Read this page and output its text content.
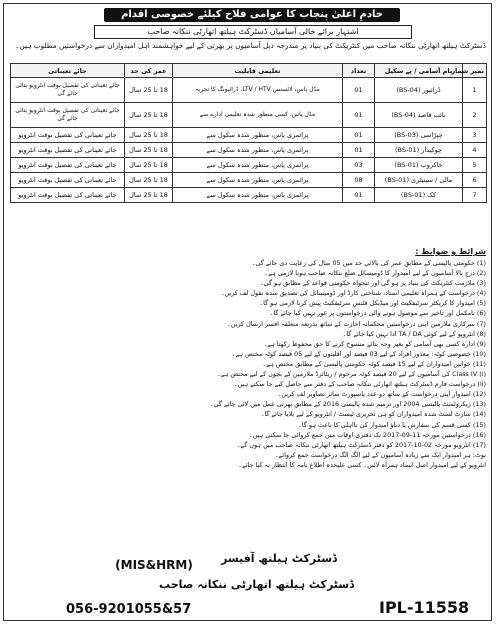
خادمِ اعلیٰ پنجاب کا عوامی فلاح کیلئے خصوصی اقدام
اشتہار برائے خالی آسامیاں ڈسٹرکٹ ہیلتھ اتھارٹی ننکانہ صاحب
ڈسٹرکٹ ہیلتھ اتھارٹی ننکانہ صاحب میں کنٹریکٹ کی بنیاد پر مندرجہ ذیل آسامیوں پر بھرتی کے لیے خواہشمند اہل امیدواران سے درخواستیں مطلوب ہیں۔
نمبر شمار	نام آسامی / پے سکیل	تعداد	تعلیمی قابلیت	عمر کی حد	جائے تعیناتی
1	ڈرائیور (BS-04)	01	مڈل پاس، لائسنس LTV / HTV، ڈرائیونگ کا تجربہ	18 تا 25 سال	جائے تعیناتی کی تفصیل بوقت انٹرویو بتائی جائے گی
2	نائب قاصد (BS-04)	01	مڈل پاس، کسی منظور شدہ تعلیمی ادارے سے	18 تا 25 سال	جائے تعیناتی کی تفصیل بوقت انٹرویو بتائی جائے گی
3	چپڑاسی (BS-03)	01	پرائمری پاس، منظور شدہ سکول سے	18 تا 25 سال	جائے تعیناتی کی تفصیل بوقت انٹرویو
4	چوکیدار (BS-01)	01	پرائمری پاس، منظور شدہ سکول سے	18 تا 25 سال	جائے تعیناتی کی تفصیل بوقت انٹرویو
5	خاکروب (BS-01)	03	پرائمری پاس، منظور شدہ سکول سے	18 تا 25 سال	جائے تعیناتی کی تفصیل بوقت انٹرویو
6	مالی / سینیٹری (BS-01)	08	پرائمری پاس، منظور شدہ سکول سے	18 تا 25 سال	جائے تعیناتی کی تفصیل بوقت انٹرویو
7	کک (BS-01)	01	پرائمری پاس، منظور شدہ سکول سے	18 تا 25 سال	جائے تعیناتی کی تفصیل بوقت انٹرویو
شرائط و ضوابط :
(1) حکومتی پالیسی کے مطابق عمر کی بالائی حد میں 05 سال کی رعایت دی جائے گی۔
(2) درج بالا آسامیوں کے لیے امیدوار کا ڈومیسائل ضلع ننکانہ صاحب ہونا لازمی ہے۔
(3) ملازمت کنٹریکٹ کی بنیاد پر ہو گی اور تنخواہ حکومتی قواعد کے مطابق ہو گی۔
(4) درخواست کے ہمراہ تعلیمی اسناد، شناختی کارڈ اور ڈومیسائل کی تصدیق شدہ نقول لف کریں۔
(5) امیدوار کا کریکٹر سرٹیفکیٹ اور میڈیکل فٹنس سرٹیفکیٹ پیش کرنا لازمی ہو گا۔
(6) نامکمل اور تاخیر سے موصول ہونے والی درخواستوں پر غور نہیں کیا جائے گا۔
(7) سرکاری ملازمین اپنی درخواستیں محکمانہ اجازت کے ساتھ بذریعہ متعلقہ افسر ارسال کریں۔
(8) انٹرویو کے لیے کوئی TA / DA ادا نہیں کیا جائے گا۔
(9) ادارہ کسی بھی آسامی کو بغیر وجہ بتائے منسوخ کرنے کا حق محفوظ رکھتا ہے۔
(10) خصوصی کوٹہ: معذور افراد کے لیے 03 فیصد اور اقلیتوں کے لیے 05 فیصد کوٹہ مختص ہے۔
(11) خواتین امیدواران کے لیے 15 فیصد کوٹہ حکومتی پالیسی کے مطابق مختص ہے۔
(i) Class IV کی آسامیوں کے لیے 20 فیصد کوٹہ مرحوم / ریٹائرڈ ملازمین کے بچوں کے لیے مختص ہے۔
(ii) درخواست فارم ڈسٹرکٹ ہیلتھ اتھارٹی ننکانہ صاحب کے دفتر سے حاصل کیے جا سکتے ہیں۔
(12) امیدوار اپنی درخواست کے ساتھ دو عدد پاسپورٹ سائز تصاویر لف کریں۔
(13) ریکروٹمنٹ پالیسی 2004 اور ترمیم شدہ پالیسی 2016 کے مطابق بھرتی عمل میں لائی جائے گی۔
(14) شارٹ لسٹ شدہ امیدواران کو ہی تحریری ٹیسٹ / انٹرویو کے لیے بلایا جائے گا۔
(15) کسی قسم کی سفارش یا دباؤ امیدوار کی نااہلی کا باعث ہو گا۔
(16) درخواستیں مورخہ 11-09-2017 تک دفتری اوقات میں جمع کروائی جا سکتی ہیں۔
(17) انٹرویو مورخہ 02-10-2017 کو دفتر ڈسٹرکٹ ہیلتھ اتھارٹی ننکانہ صاحب میں ہوں گے۔
نوٹ: ہر امیدوار ایک سے زیادہ آسامیوں کے لیے الگ الگ درخواست جمع کروائے۔
انٹرویو کے لیے امیدوار اصل اسناد ہمراہ لائیں۔ کسی علیحدہ اطلاع نامہ کا انتظار نہ کیا جائے۔
ڈسٹرکٹ ہیلتھ آفیسر
(MIS&HRM)
ڈسٹرکٹ ہیلتھ اتھارٹی ننکانہ صاحب
056-9201055&57	IPL-11558
